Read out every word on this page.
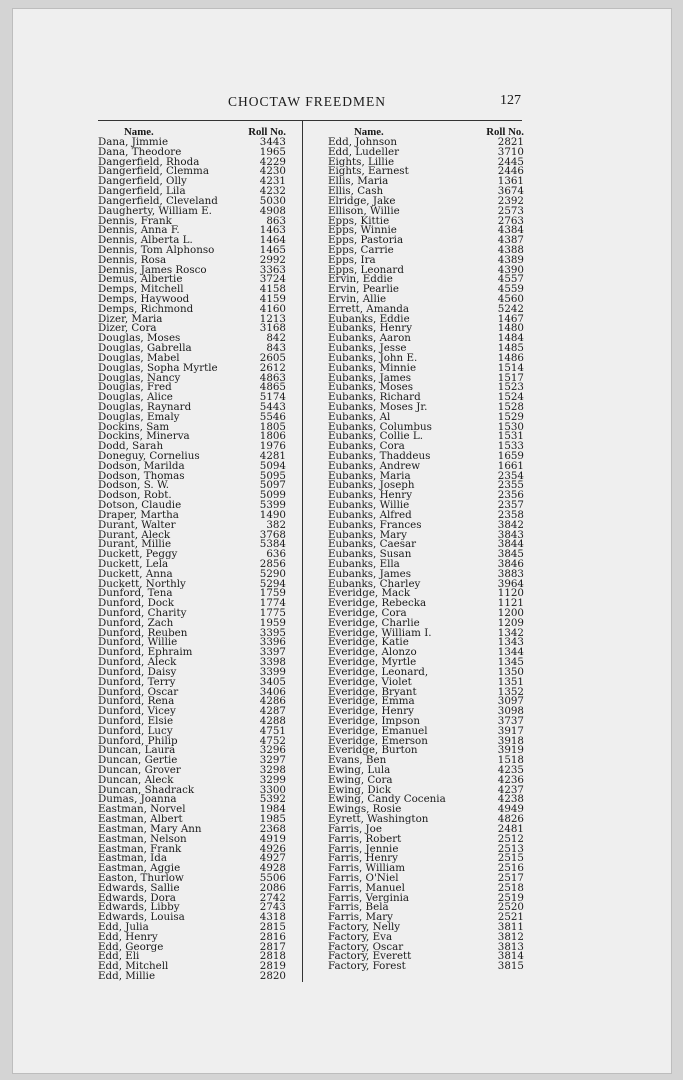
CHOCTAW FREEDMEN	127
Name.	Roll No.
Dana, Jimmie	3443
Dana, Theodore	1965
Dangerfield, Rhoda	4229
Dangerfield, Clemma	4230
Dangerfield, Olly	4231
Dangerfield, Lila	4232
Dangerfield, Cleveland	5030
Daugherty, William E.	4908
Dennis, Frank	863
Dennis, Anna F.	1463
Dennis, Alberta L.	1464
Dennis, Tom Alphonso	1465
Dennis, Rosa	2992
Dennis, James Rosco	3363
Demus, Albertie	3724
Demps, Mitchell	4158
Demps, Haywood	4159
Demps, Richmond	4160
Dizer, Maria	1213
Dizer, Cora	3168
Douglas, Moses	842
Douglas, Gabrella	843
Douglas, Mabel	2605
Douglas, Sopha Myrtle	2612
Douglas, Nancy	4863
Douglas, Fred	4865
Douglas, Alice	5174
Douglas, Raynard	5443
Douglas, Emaly	5546
Dockins, Sam	1805
Dockins, Minerva	1806
Dodd, Sarah	1976
Doneguy, Cornelius	4281
Dodson, Marilda	5094
Dodson, Thomas	5095
Dodson, S. W.	5097
Dodson, Robt.	5099
Dotson, Claudie	5399
Draper, Martha	1490
Durant, Walter	382
Durant, Aleck	3768
Durant, Millie	5384
Duckett, Peggy	636
Duckett, Lela	2856
Duckett, Anna	5290
Duckett, Northly	5294
Dunford, Tena	1759
Dunford, Dock	1774
Dunford, Charity	1775
Dunford, Zach	1959
Dunford, Reuben	3395
Dunford, Willie	3396
Dunford, Ephraim	3397
Dunford, Aleck	3398
Dunford, Daisy	3399
Dunford, Terry	3405
Dunford, Oscar	3406
Dunford, Rena	4286
Dunford, Vicey	4287
Dunford, Elsie	4288
Dunford, Lucy	4751
Dunford, Philip	4752
Duncan, Laura	3296
Duncan, Gertie	3297
Duncan, Grover	3298
Duncan, Aleck	3299
Duncan, Shadrack	3300
Dumas, Joanna	5392
Eastman, Norvel	1984
Eastman, Albert	1985
Eastman, Mary Ann	2368
Eastman, Nelson	4919
Eastman, Frank	4926
Eastman, Ida	4927
Eastman, Aggie	4928
Easton, Thurlow	5506
Edwards, Sallie	2086
Edwards, Dora	2742
Edwards, Libby	2743
Edwards, Louisa	4318
Edd, Julia	2815
Edd, Henry	2816
Edd, George	2817
Edd, Eli	2818
Edd, Mitchell	2819
Edd, Millie	2820
Name.	Roll No.
Edd, Johnson	2821
Edd, Ludeller	3710
Eights, Lillie	2445
Eights, Earnest	2446
Ellis, Maria	1361
Ellis, Cash	3674
Elridge, Jake	2392
Ellison, Willie	2573
Epps, Kittie	2763
Epps, Winnie	4384
Epps, Pastoria	4387
Epps, Carrie	4388
Epps, Ira	4389
Epps, Leonard	4390
Ervin, Eddie	4557
Ervin, Pearlie	4559
Ervin, Allie	4560
Errett, Amanda	5242
Eubanks, Eddie	1467
Eubanks, Henry	1480
Eubanks, Aaron	1484
Eubanks, Jesse	1485
Eubanks, John E.	1486
Eubanks, Minnie	1514
Eubanks, James	1517
Eubanks, Moses	1523
Eubanks, Richard	1524
Eubanks, Moses Jr.	1528
Eubanks, Al	1529
Eubanks, Columbus	1530
Eubanks, Collie L.	1531
Eubanks, Cora	1533
Eubanks, Thaddeus	1659
Eubanks, Andrew	1661
Eubanks, Maria	2354
Eubanks, Joseph	2355
Eubanks, Henry	2356
Eubanks, Willie	2357
Eubanks, Alfred	2358
Eubanks, Frances	3842
Eubanks, Mary	3843
Eubanks, Caesar	3844
Eubanks, Susan	3845
Eubanks, Ella	3846
Eubanks, James	3883
Eubanks, Charley	3964
Everidge, Mack	1120
Everidge, Rebecka	1121
Everidge, Cora	1200
Everidge, Charlie	1209
Everidge, William I.	1342
Everidge, Katie	1343
Everidge, Alonzo	1344
Everidge, Myrtle	1345
Everidge, Leonard,	1350
Everidge, Violet	1351
Everidge, Bryant	1352
Everidge, Emma	3097
Everidge, Henry	3098
Everidge, Impson	3737
Everidge, Emanuel	3917
Everidge, Emerson	3918
Everidge, Burton	3919
Evans, Ben	1518
Ewing, Lula	4235
Ewing, Cora	4236
Ewing, Dick	4237
Ewing, Candy Cocenia	4238
Ewings, Rosie	4949
Eyrett, Washington	4826
Farris, Joe	2481
Farris, Robert	2512
Farris, Jennie	2513
Farris, Henry	2515
Farris, William	2516
Farris, O'Niel	2517
Farris, Manuel	2518
Farris, Verginia	2519
Farris, Bela	2520
Farris, Mary	2521
Factory, Nelly	3811
Factory, Eva	3812
Factory, Oscar	3813
Factory, Everett	3814
Factory, Forest	3815
